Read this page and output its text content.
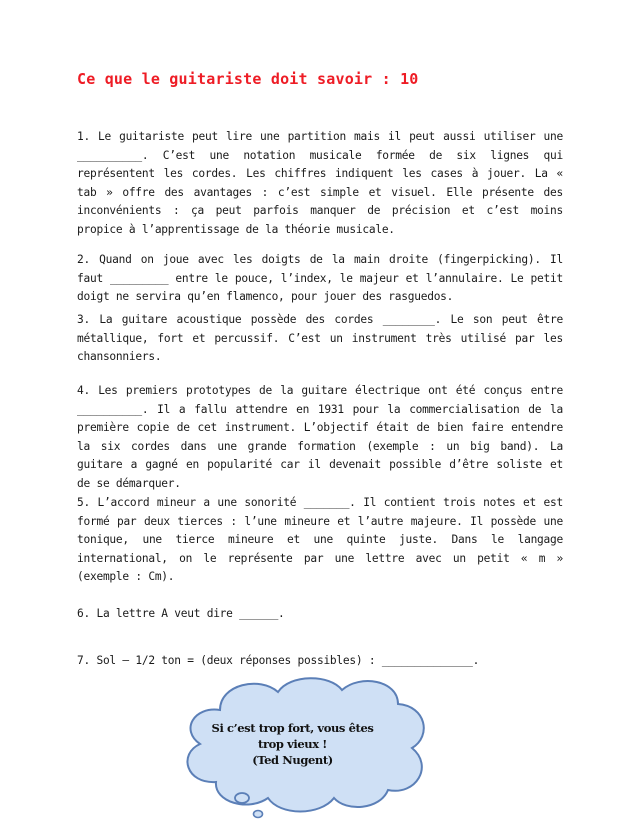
Ce que le guitariste doit savoir : 10
1. Le guitariste peut lire une partition mais il peut aussi utiliser une __________. C’est une notation musicale formée de six lignes qui représentent les cordes. Les chiffres indiquent les cases à jouer. La « tab » offre des avantages : c’est simple et visuel. Elle présente des inconvénients : ça peut parfois manquer de précision et c’est moins propice à l’apprentissage de la théorie musicale.
2. Quand on joue avec les doigts de la main droite (fingerpicking). Il faut _________ entre le pouce, l’index, le majeur et l’annulaire. Le petit doigt ne servira qu’en flamenco, pour jouer des rasguedos.
3. La guitare acoustique possède des cordes ________. Le son peut être métallique, fort et percussif. C’est un instrument très utilisé par les chansonniers.
4. Les premiers prototypes de la guitare électrique ont été conçus entre __________. Il a fallu attendre en 1931 pour la commercialisation de la première copie de cet instrument. L’objectif était de bien faire entendre la six cordes dans une grande formation (exemple : un big band). La guitare a gagné en popularité car il devenait possible d’être soliste et de se démarquer.
5. L’accord mineur a une sonorité _______. Il contient trois notes et est formé par deux tierces : l’une mineure et l’autre majeure. Il possède une tonique, une tierce mineure et une quinte juste. Dans le langage international, on le représente par une lettre avec un petit « m » (exemple : Cm).
6. La lettre A veut dire ______.
7. Sol – 1/2 ton = (deux réponses possibles) : ______________.
Si c’est trop fort, vous êtes
trop vieux !
(Ted Nugent)
